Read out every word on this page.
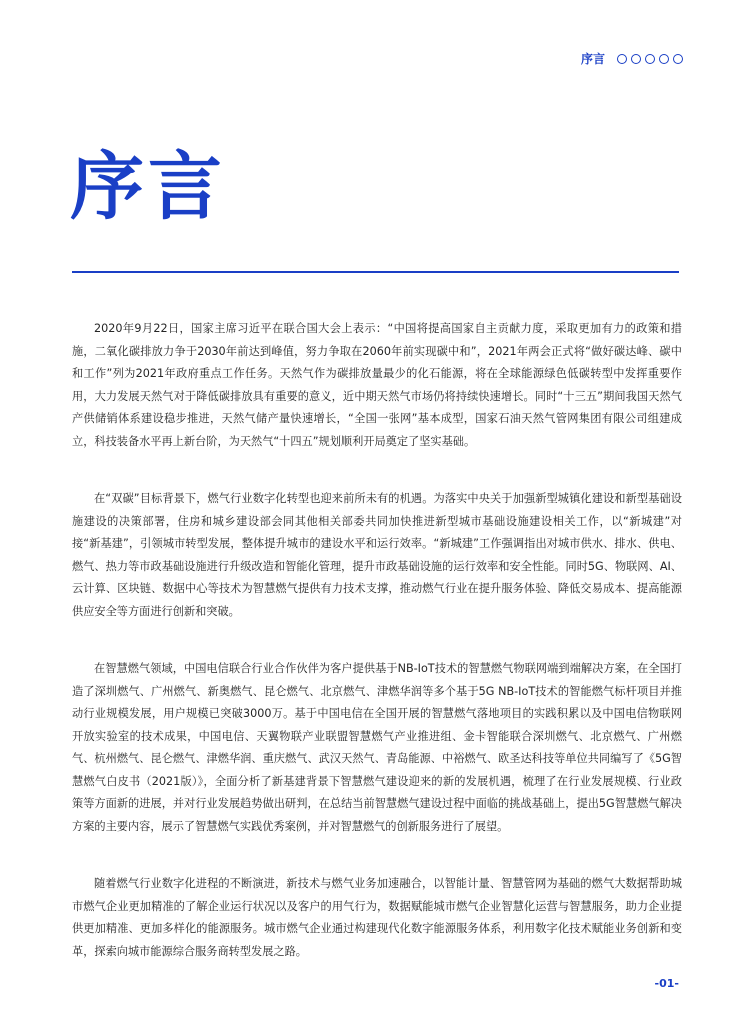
序言
序言

2020年9月22日，国家主席习近平在联合国大会上表示：“中国将提高国家自主贡献力度，采取更加有力的政策和措施，二氧化碳排放力争于2030年前达到峰值，努力争取在2060年前实现碳中和”，2021年两会正式将“做好碳达峰、碳中和工作”列为2021年政府重点工作任务。天然气作为碳排放量最少的化石能源，将在全球能源绿色低碳转型中发挥重要作用，大力发展天然气对于降低碳排放具有重要的意义，近中期天然气市场仍将持续快速增长。同时“十三五”期间我国天然气产供储销体系建设稳步推进，天然气储产量快速增长，“全国一张网”基本成型，国家石油天然气管网集团有限公司组建成立，科技装备水平再上新台阶，为天然气“十四五”规划顺利开局奠定了坚实基础。

在“双碳”目标背景下，燃气行业数字化转型也迎来前所未有的机遇。为落实中央关于加强新型城镇化建设和新型基础设施建设的决策部署，住房和城乡建设部会同其他相关部委共同加快推进新型城市基础设施建设相关工作，以“新城建”对接“新基建”，引领城市转型发展，整体提升城市的建设水平和运行效率。“新城建”工作强调指出对城市供水、排水、供电、燃气、热力等市政基础设施进行升级改造和智能化管理，提升市政基础设施的运行效率和安全性能。同时5G、物联网、AI、云计算、区块链、数据中心等技术为智慧燃气提供有力技术支撑，推动燃气行业在提升服务体验、降低交易成本、提高能源供应安全等方面进行创新和突破。

在智慧燃气领域，中国电信联合行业合作伙伴为客户提供基于NB-IoT技术的智慧燃气物联网端到端解决方案，在全国打造了深圳燃气、广州燃气、新奥燃气、昆仑燃气、北京燃气、津燃华润等多个基于5G NB-IoT技术的智能燃气标杆项目并推动行业规模发展，用户规模已突破3000万。基于中国电信在全国开展的智慧燃气落地项目的实践积累以及中国电信物联网开放实验室的技术成果，中国电信、天翼物联产业联盟智慧燃气产业推进组、金卡智能联合深圳燃气、北京燃气、广州燃气、杭州燃气、昆仑燃气、津燃华润、重庆燃气、武汉天然气、青岛能源、中裕燃气、欧圣达科技等单位共同编写了《5G智慧燃气白皮书（2021版）》，全面分析了新基建背景下智慧燃气建设迎来的新的发展机遇，梳理了在行业发展规模、行业政策等方面新的进展，并对行业发展趋势做出研判，在总结当前智慧燃气建设过程中面临的挑战基础上，提出5G智慧燃气解决方案的主要内容，展示了智慧燃气实践优秀案例，并对智慧燃气的创新服务进行了展望。

随着燃气行业数字化进程的不断演进，新技术与燃气业务加速融合，以智能计量、智慧管网为基础的燃气大数据帮助城市燃气企业更加精准的了解企业运行状况以及客户的用气行为，数据赋能城市燃气企业智慧化运营与智慧服务，助力企业提供更加精准、更加多样化的能源服务。城市燃气企业通过构建现代化数字能源服务体系，利用数字化技术赋能业务创新和变革，探索向城市能源综合服务商转型发展之路。

-01-
